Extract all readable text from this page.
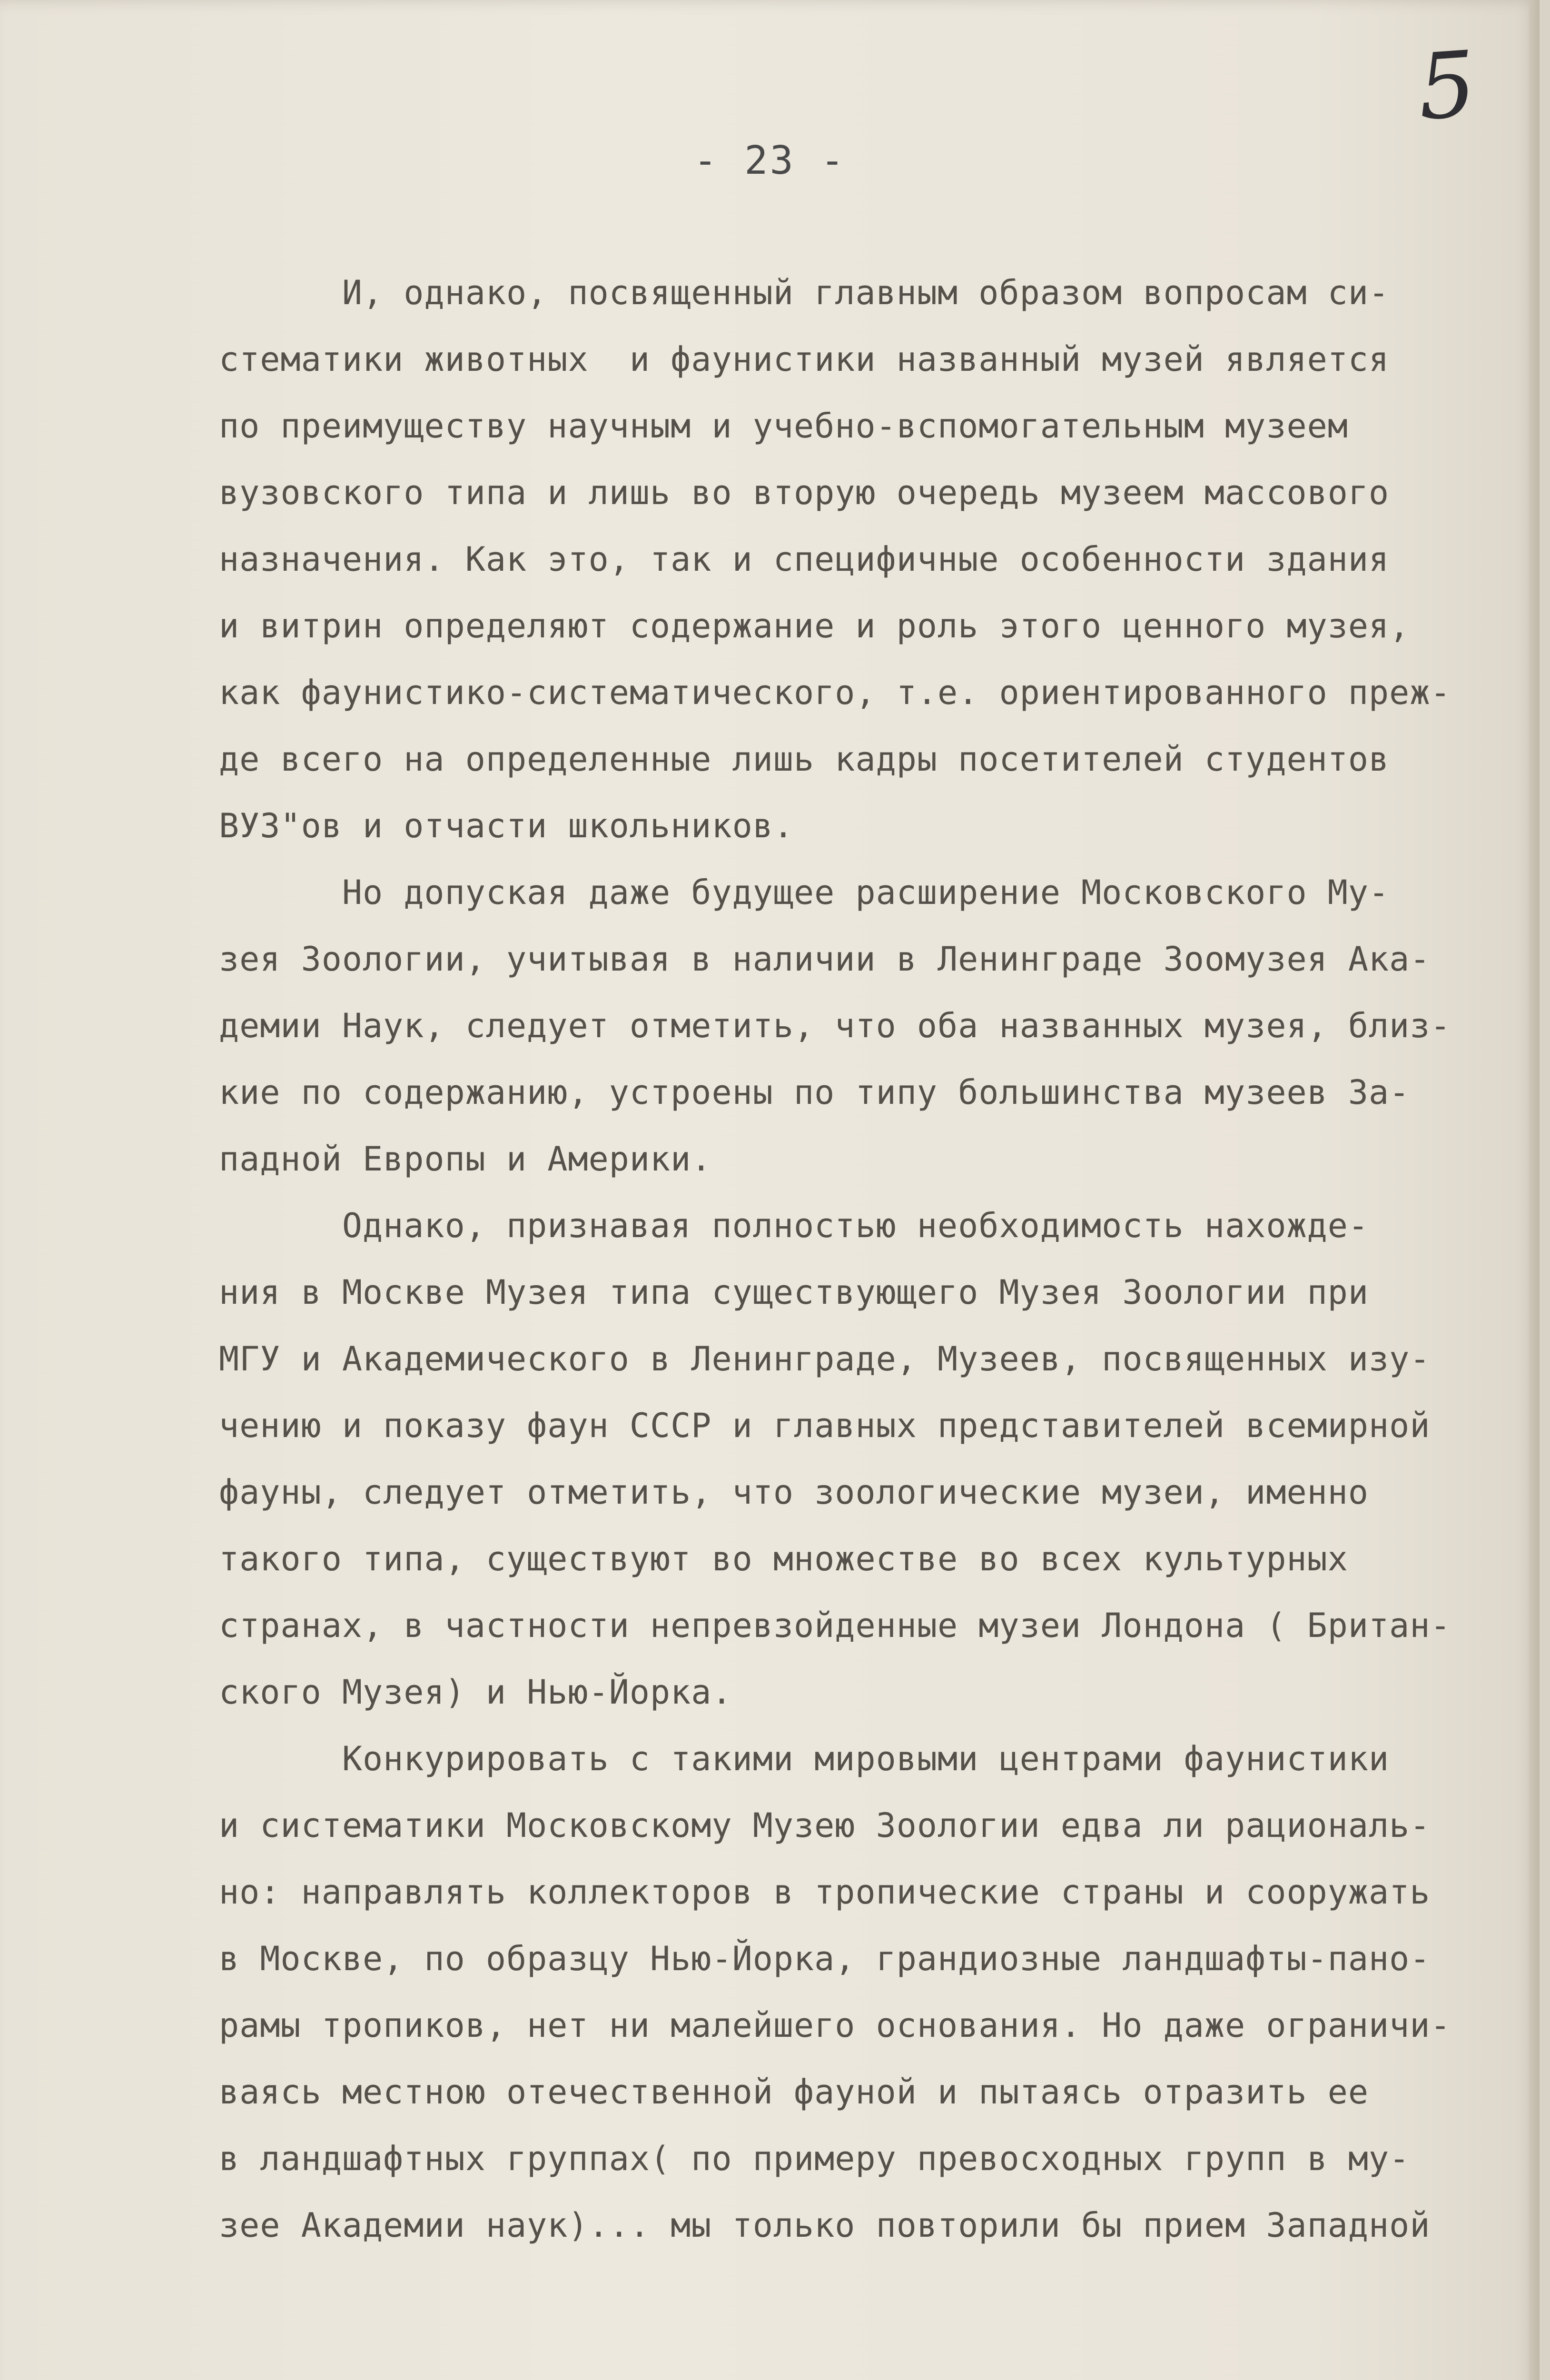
5
- 23 -
И, однако, посвященный главным образом вопросам си-
стематики животных  и фаунистики названный музей является
по преимуществу научным и учебно-вспомогательным музеем
вузовского типа и лишь во вторую очередь музеем массового
назначения. Как это, так и специфичные особенности здания
и витрин определяют содержание и роль этого ценного музея,
как фаунистико-систематического, т.е. ориентированного преж-
де всего на определенные лишь кадры посетителей студентов
ВУЗ"ов и отчасти школьников.
Но допуская даже будущее расширение Московского Му-
зея Зоологии, учитывая в наличии в Ленинграде Зоомузея Ака-
демии Наук, следует отметить, что оба названных музея, близ-
кие по содержанию, устроены по типу большинства музеев За-
падной Европы и Америки.
Однако, признавая полностью необходимость нахожде-
ния в Москве Музея типа существующего Музея Зоологии при
МГУ и Академического в Ленинграде, Музеев, посвященных изу-
чению и показу фаун СССР и главных представителей всемирной
фауны, следует отметить, что зоологические музеи, именно
такого типа, существуют во множестве во всех культурных
странах, в частности непревзойденные музеи Лондона ( Британ-
ского Музея) и Нью-Йорка.
Конкурировать с такими мировыми центрами фаунистики
и систематики Московскому Музею Зоологии едва ли рациональ-
но: направлять коллекторов в тропические страны и сооружать
в Москве, по образцу Нью-Йорка, грандиозные ландшафты-пано-
рамы тропиков, нет ни малейшего основания. Но даже ограничи-
ваясь местною отечественной фауной и пытаясь отразить ее
в ландшафтных группах( по примеру превосходных групп в му-
зее Академии наук)... мы только повторили бы прием Западной
